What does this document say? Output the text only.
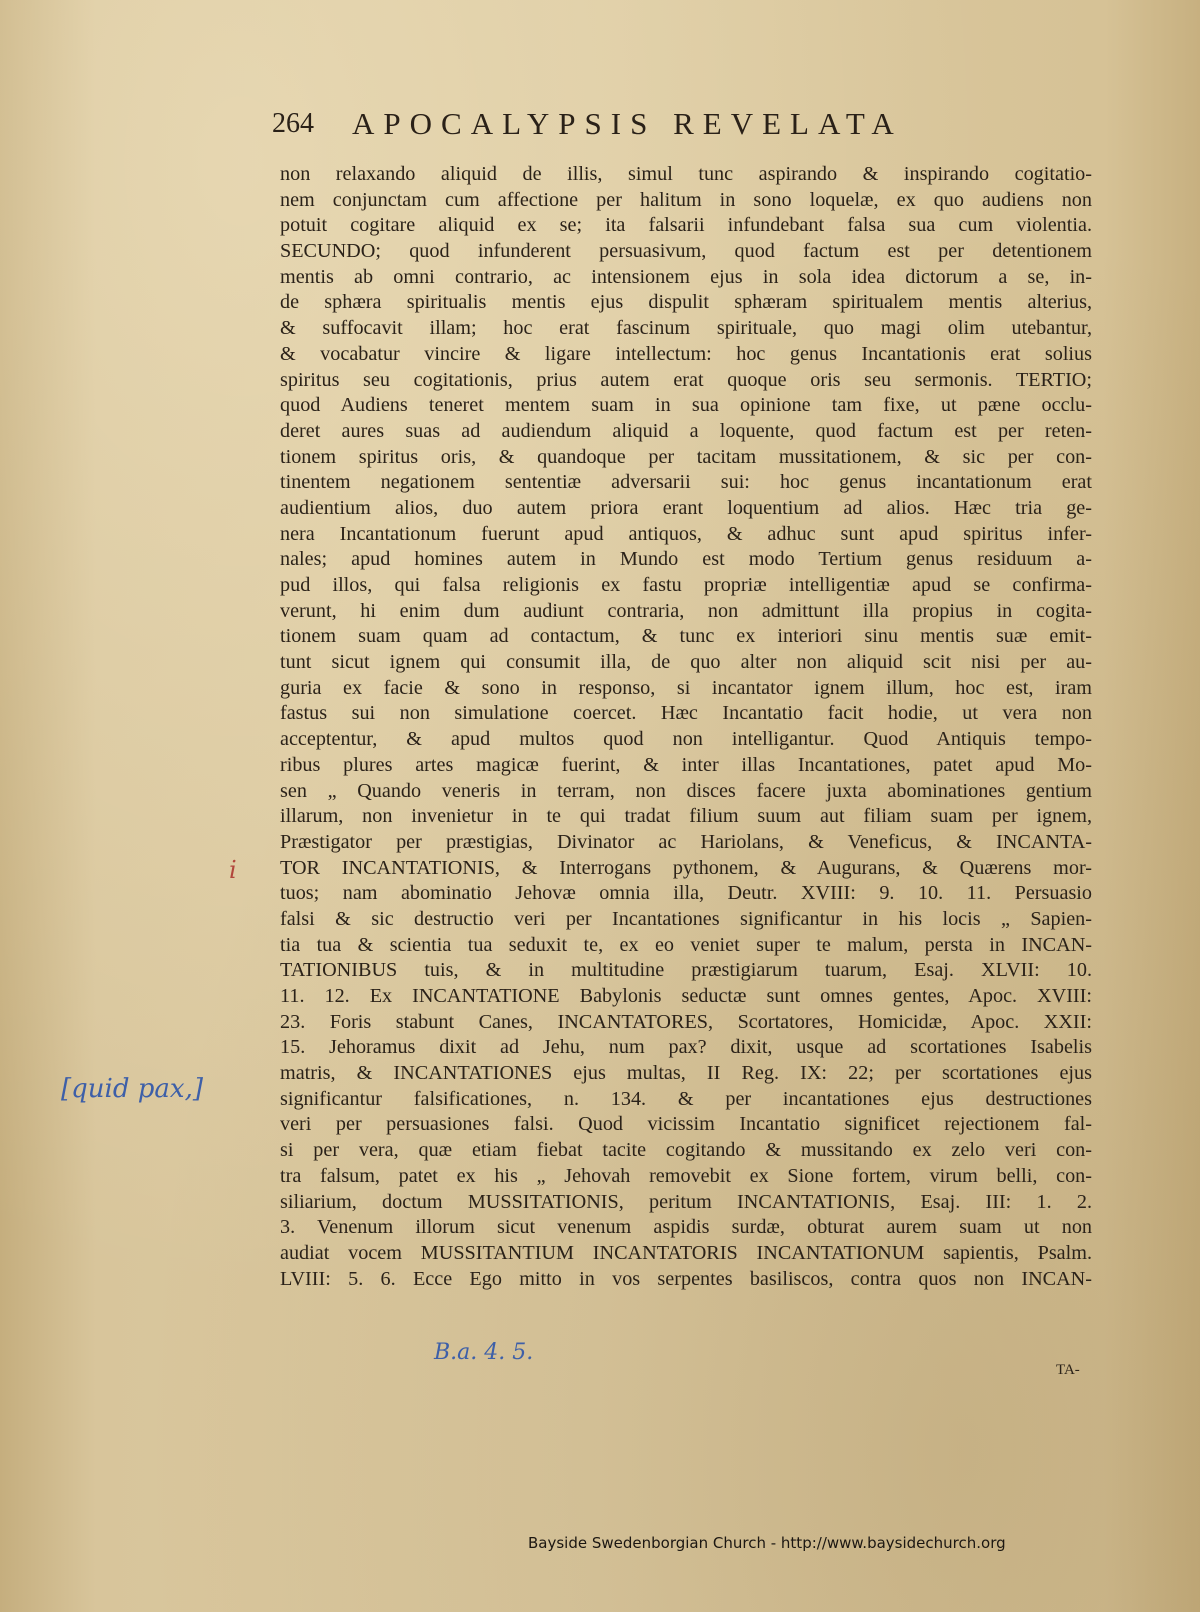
264 APOCALYPSIS REVELATA
non relaxando aliquid de illis, simul tunc aspirando & inspirando cogitatio-
nem conjunctam cum affectione per halitum in sono loquelæ, ex quo audiens non
potuit cogitare aliquid ex se; ita falsarii infundebant falsa sua cum violentia.
SECUNDO; quod infunderent persuasivum, quod factum est per detentionem
mentis ab omni contrario, ac intensionem ejus in sola idea dictorum a se, in-
de sphæra spiritualis mentis ejus dispulit sphæram spiritualem mentis alterius,
& suffocavit illam; hoc erat fascinum spirituale, quo magi olim utebantur,
& vocabatur vincire & ligare intellectum: hoc genus Incantationis erat solius
spiritus seu cogitationis, prius autem erat quoque oris seu sermonis. TERTIO;
quod Audiens teneret mentem suam in sua opinione tam fixe, ut pæne occlu-
deret aures suas ad audiendum aliquid a loquente, quod factum est per reten-
tionem spiritus oris, & quandoque per tacitam mussitationem, & sic per con-
tinentem negationem sententiæ adversarii sui: hoc genus incantationum erat
audientium alios, duo autem priora erant loquentium ad alios. Hæc tria ge-
nera Incantationum fuerunt apud antiquos, & adhuc sunt apud spiritus infer-
nales; apud homines autem in Mundo est modo Tertium genus residuum a-
pud illos, qui falsa religionis ex fastu propriæ intelligentiæ apud se confirma-
verunt, hi enim dum audiunt contraria, non admittunt illa propius in cogita-
tionem suam quam ad contactum, & tunc ex interiori sinu mentis suæ emit-
tunt sicut ignem qui consumit illa, de quo alter non aliquid scit nisi per au-
guria ex facie & sono in responso, si incantator ignem illum, hoc est, iram
fastus sui non simulatione coercet. Hæc Incantatio facit hodie, ut vera non
acceptentur, & apud multos quod non intelligantur. Quod Antiquis tempo-
ribus plures artes magicæ fuerint, & inter illas Incantationes, patet apud Mo-
sen „ Quando veneris in terram, non disces facere juxta abominationes gentium
illarum, non invenietur in te qui tradat filium suum aut filiam suam per ignem,
Præstigator per præstigias, Divinator ac Hariolans, & Veneficus, & INCANTA-
TOR INCANTATIONIS, & Interrogans pythonem, & Augurans, & Quærens mor-
tuos; nam abominatio Jehovæ omnia illa, Deutr. XVIII: 9. 10. 11. Persuasio
falsi & sic destructio veri per Incantationes significantur in his locis „ Sapien-
tia tua & scientia tua seduxit te, ex eo veniet super te malum, persta in INCAN-
TATIONIBUS tuis, & in multitudine præstigiarum tuarum, Esaj. XLVII: 10.
11. 12. Ex INCANTATIONE Babylonis seductæ sunt omnes gentes, Apoc. XVIII:
23. Foris stabunt Canes, INCANTATORES, Scortatores, Homicidæ, Apoc. XXII:
15. Jehoramus dixit ad Jehu, num pax? dixit, usque ad scortationes Isabelis
matris, & INCANTATIONES ejus multas, II Reg. IX: 22; per scortationes ejus
significantur falsificationes, n. 134. & per incantationes ejus destructiones
veri per persuasiones falsi. Quod vicissim Incantatio significet rejectionem fal-
si per vera, quæ etiam fiebat tacite cogitando & mussitando ex zelo veri con-
tra falsum, patet ex his „ Jehovah removebit ex Sione fortem, virum belli, con-
siliarium, doctum MUSSITATIONIS, peritum INCANTATIONIS, Esaj. III: 1. 2.
3. Venenum illorum sicut venenum aspidis surdæ, obturat aurem suam ut non
audiat vocem MUSSITANTIUM INCANTATORIS INCANTATIONUM sapientis, Psalm.
LVIII: 5. 6. Ecce Ego mitto in vos serpentes basiliscos, contra quos non INCAN-
TA-
[quid pax,]
B.a. 4. 5.
i
Bayside Swedenborgian Church - http://www.baysidechurch.org
